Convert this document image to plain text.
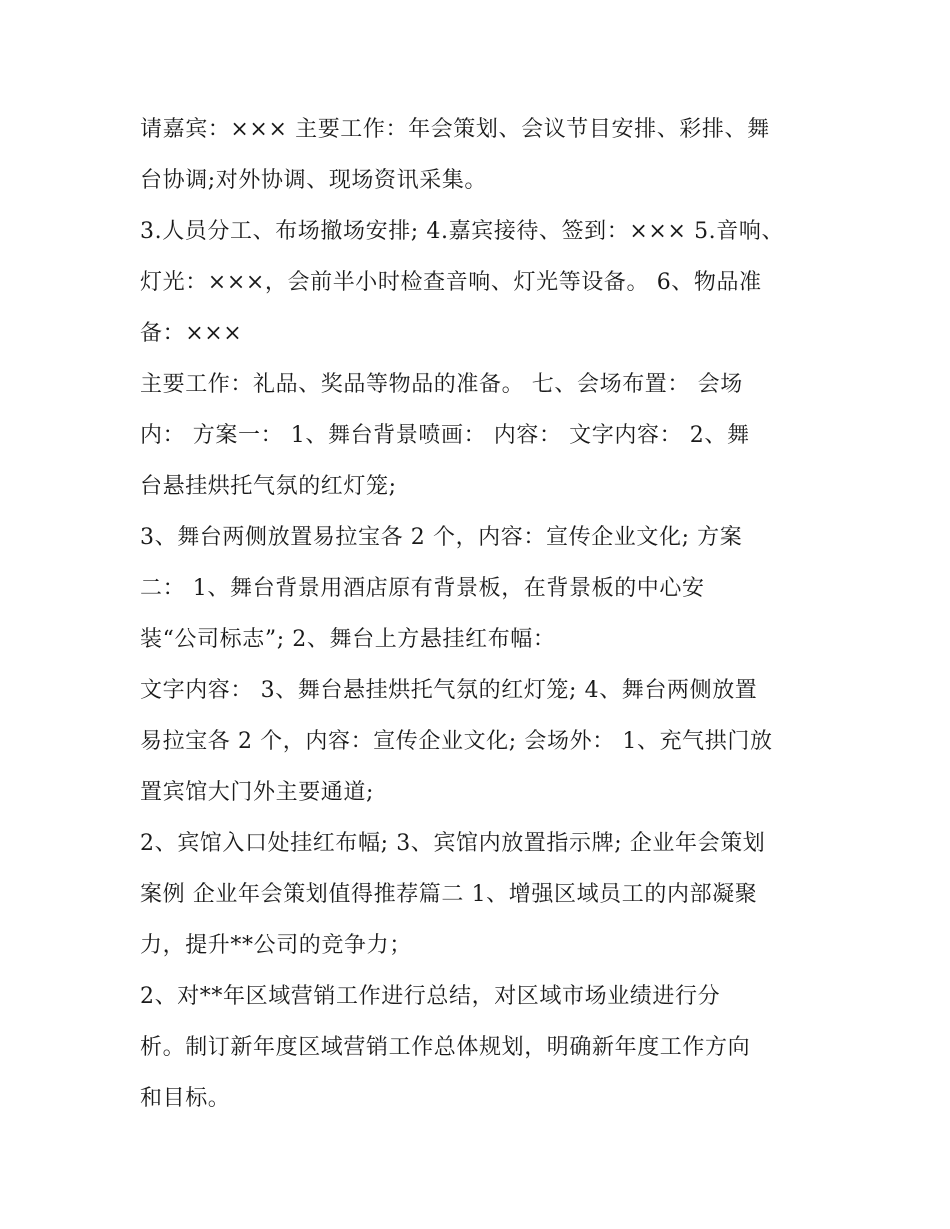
请嘉宾：××× 主要工作：年会策划、会议节目安排、彩排、舞
台协调;对外协调、现场资讯采集。
3.人员分工、布场撤场安排; 4.嘉宾接待、签到：××× 5.音响、
灯光：×××，会前半小时检查音响、灯光等设备。 6、物品准
备：×××
主要工作：礼品、奖品等物品的准备。 七、会场布置： 会场
内： 方案一： 1、舞台背景喷画： 内容： 文字内容： 2、舞
台悬挂烘托气氛的红灯笼;
3、舞台两侧放置易拉宝各 2 个，内容：宣传企业文化; 方案
二： 1、舞台背景用酒店原有背景板，在背景板的中心安
装“公司标志”; 2、舞台上方悬挂红布幅：
文字内容： 3、舞台悬挂烘托气氛的红灯笼; 4、舞台两侧放置
易拉宝各 2 个，内容：宣传企业文化; 会场外： 1、充气拱门放
置宾馆大门外主要通道;
2、宾馆入口处挂红布幅; 3、宾馆内放置指示牌; 企业年会策划
案例 企业年会策划值得推荐篇二 1、增强区域员工的内部凝聚
力，提升**公司的竞争力；
2、对**年区域营销工作进行总结，对区域市场业绩进行分
析。制订新年度区域营销工作总体规划，明确新年度工作方向
和目标。
